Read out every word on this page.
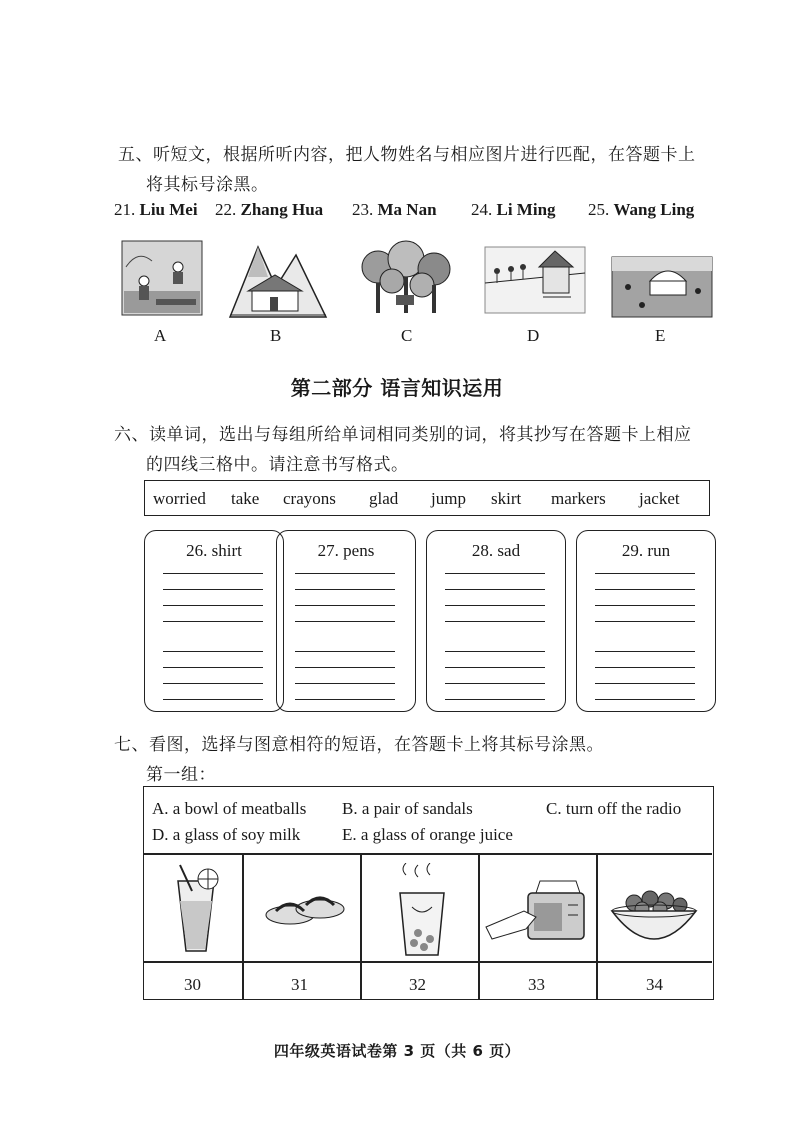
五、听短文，根据所听内容，把人物姓名与相应图片进行匹配，在答题卡上
将其标号涂黑。
21. Liu Mei 22. Zhang Hua 23. Ma Nan 24. Li Ming 25. Wang Ling
A	B	C	D	E
第二部分 语言知识运用
六、读单词，选出与每组所给单词相同类别的词，将其抄写在答题卡上相应
的四线三格中。请注意书写格式。
worried take crayons glad jump skirt markers jacket
26. shirt	27. pens	28. sad	29. run
七、看图，选择与图意相符的短语，在答题卡上将其标号涂黑。
第一组：
A. a bowl of meatballs B. a pair of sandals	C. turn off the radio
D. a glass of soy milk E. a glass of orange juice
30	31	32	33	34
四年级英语试卷第 3 页（共 6 页）
